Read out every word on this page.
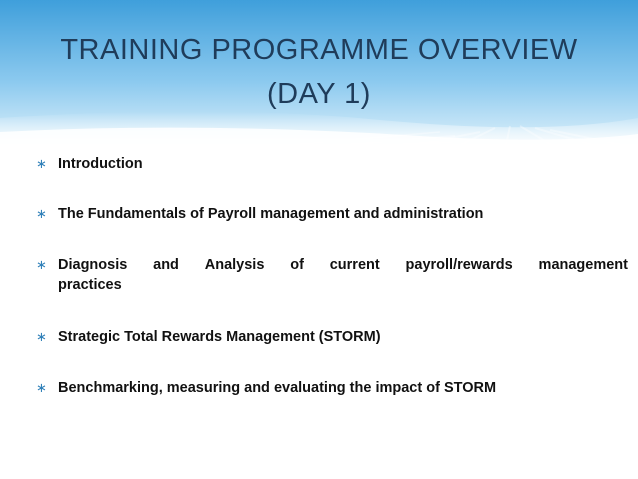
TRAINING PROGRAMME OVERVIEW
(DAY 1)
∗ Introduction
∗ The Fundamentals of Payroll management and administration
∗ Diagnosis and Analysis of current payroll/rewards management
practices
∗ Strategic Total Rewards Management (STORM)
∗ Benchmarking, measuring and evaluating the impact of STORM
